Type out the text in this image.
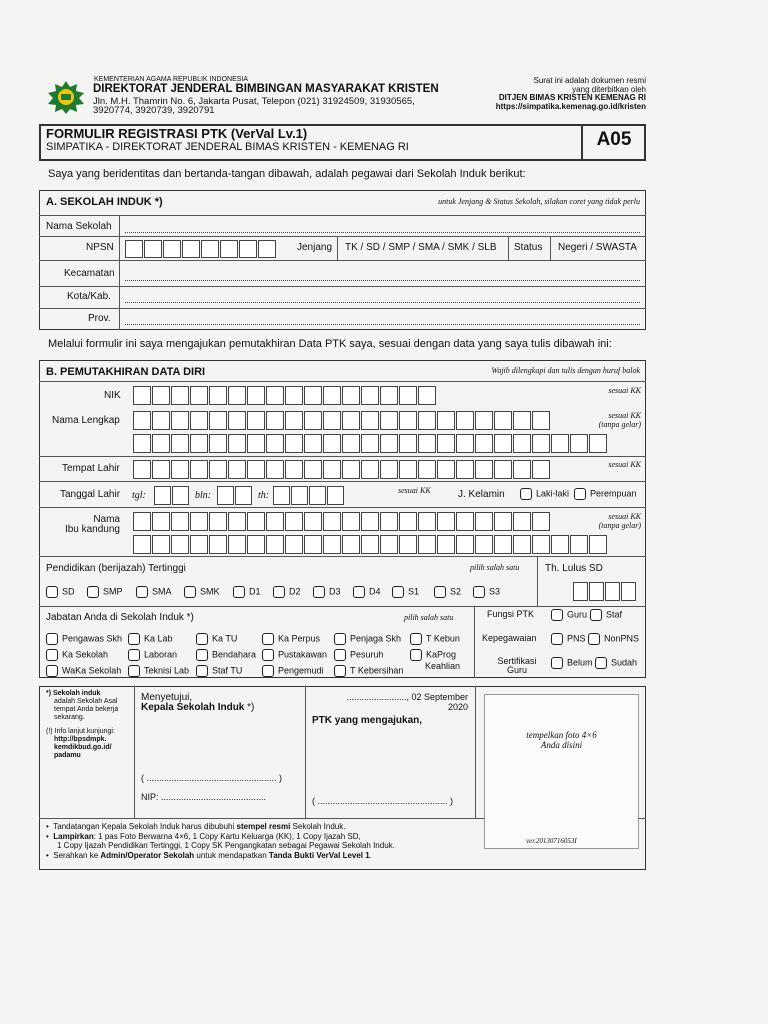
KEMENTERIAN AGAMA REPUBLIK INDONESIA
DIREKTORAT JENDERAL BIMBINGAN MASYARAKAT KRISTEN
Jln. M.H. Thamrin No. 6, Jakarta Pusat, Telepon (021) 31924509, 31930565,
3920774, 3920739, 3920791
Surat ini adalah dokumen resmi
yang diterbitkan oleh
DITJEN BIMAS KRISTEN KEMENAG RI
https://simpatika.kemenag.go.id/kristen
FORMULIR REGISTRASI PTK (VerVal Lv.1)
SIMPATIKA - DIREKTORAT JENDERAL BIMAS KRISTEN - KEMENAG RI	A05
Saya yang beridentitas dan bertanda-tangan dibawah, adalah pegawai dari Sekolah Induk berikut:
A. SEKOLAH INDUK *)	untuk Jenjang & Status Sekolah, silakan coret yang tidak perlu
Nama Sekolah
NPSN	Jenjang TK / SD / SMP / SMA / SMK / SLB Status Negeri / SWASTA
Kecamatan
Kota/Kab.
Prov.
Melalui formulir ini saya mengajukan pemutakhiran Data PTK saya, sesuai dengan data yang saya tulis dibawah ini:
B. PEMUTAKHIRAN DATA DIRI	Wajib dilengkapi dan tulis dengan huruf balok
NIK	sesuai KK
Nama Lengkap	sesuai KK
(tanpa gelar)
Tempat Lahir	sesuai KK
Tanggal Lahir tgl:	bln:	th:	sesuai KK	J. Kelamin	Laki-laki	Perempuan
Nama
Ibu kandung
sesuai KK
(tanpa gelar)
Pendidikan (berijazah) Tertinggi	pilih salah satu	Th. Lulus SD
SD	SMP	SMA	SMK	D1	D2	D3	D4	S1	S2	S3
Jabatan Anda di Sekolah Induk *)	pilih salah satu
Pengawas Skh
Ka Sekolah
WaKa Sekolah
Ka Lab
Laboran
Teknisi Lab
Ka TU
Bendahara
Staf TU
Ka Perpus
Pustakawan
Pengemudi
Penjaga Skh
Pesuruh
T Kebersihan
T Kebun
KaProg
Keahlian
Fungsi PTK	Guru	Staf
Kepegawaian	PNS	NonPNS
Sertifikasi
Guru
Belum	Sudah
*) Sekolah induk
adalah Sekolah Asal
tempat Anda bekerja
sekarang.
(!) Info lanjut kunjungi:
http://bpsdmpk.
kemdikbud.go.id/
padamu
Menyetujui,
Kepala Sekolah Induk *)
( .................................................... )
NIP: ..........................................
........................, 02 September
2020
PTK yang mengajukan,
( .................................................... )
tempelkan foto 4×6
Anda disini
ver.20130716053I
•  Tandatangan Kepala Sekolah Induk harus dibubuhi stempel resmi Sekolah Induk.
•  Lampirkan: 1 pas Foto Berwarna 4×6, 1 Copy Kartu Keluarga (KK), 1 Copy Ijazah SD,
1 Copy Ijazah Pendidikan Tertinggi, 1 Copy SK Pengangkatan sebagai Pegawai Sekolah Induk.
•  Serahkan ke Admin/Operator Sekolah untuk mendapatkan Tanda Bukti VerVal Level 1.
